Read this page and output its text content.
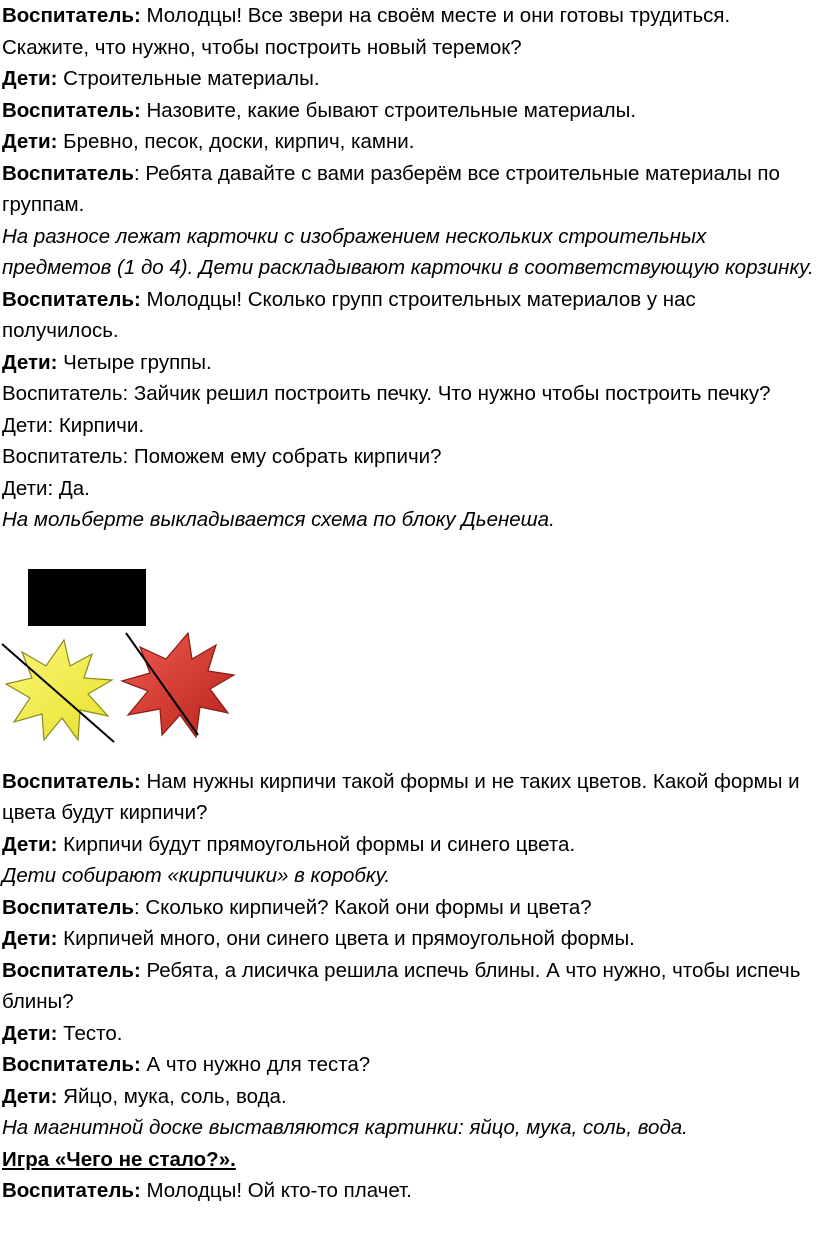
Воспитатель: Молодцы! Все звери на своём месте и они готовы трудиться. Скажите, что нужно, чтобы построить новый теремок?

Дети: Строительные материалы.

Воспитатель: Назовите, какие бывают строительные материалы.

Дети: Бревно, песок, доски, кирпич, камни.

Воспитатель: Ребята давайте с вами разберём все строительные материалы по группам.

На разносе лежат карточки с изображением нескольких строительных предметов (1 до 4). Дети раскладывают карточки в соответствующую корзинку.

Воспитатель: Молодцы! Сколько групп строительных материалов у нас получилось.

Дети: Четыре группы.

Воспитатель: Зайчик решил построить печку. Что нужно чтобы построить печку?

Дети: Кирпичи.

Воспитатель: Поможем ему собрать кирпичи?

Дети: Да.

На мольберте выкладывается схема по блоку Дьенеша.

Воспитатель: Нам нужны кирпичи такой формы и не таких цветов. Какой формы и цвета будут кирпичи?

Дети: Кирпичи будут прямоугольной формы и синего цвета.

Дети собирают «кирпичики» в коробку.

Воспитатель: Сколько кирпичей? Какой они формы и цвета?

Дети: Кирпичей много, они синего цвета и прямоугольной формы.

Воспитатель: Ребята, а лисичка решила испечь блины. А что нужно, чтобы испечь блины?

Дети: Тесто.

Воспитатель: А что нужно для теста?

Дети: Яйцо, мука, соль, вода.

На магнитной доске выставляются картинки: яйцо, мука, соль, вода.

Игра «Чего не стало?».

Воспитатель: Молодцы! Ой кто-то плачет.
